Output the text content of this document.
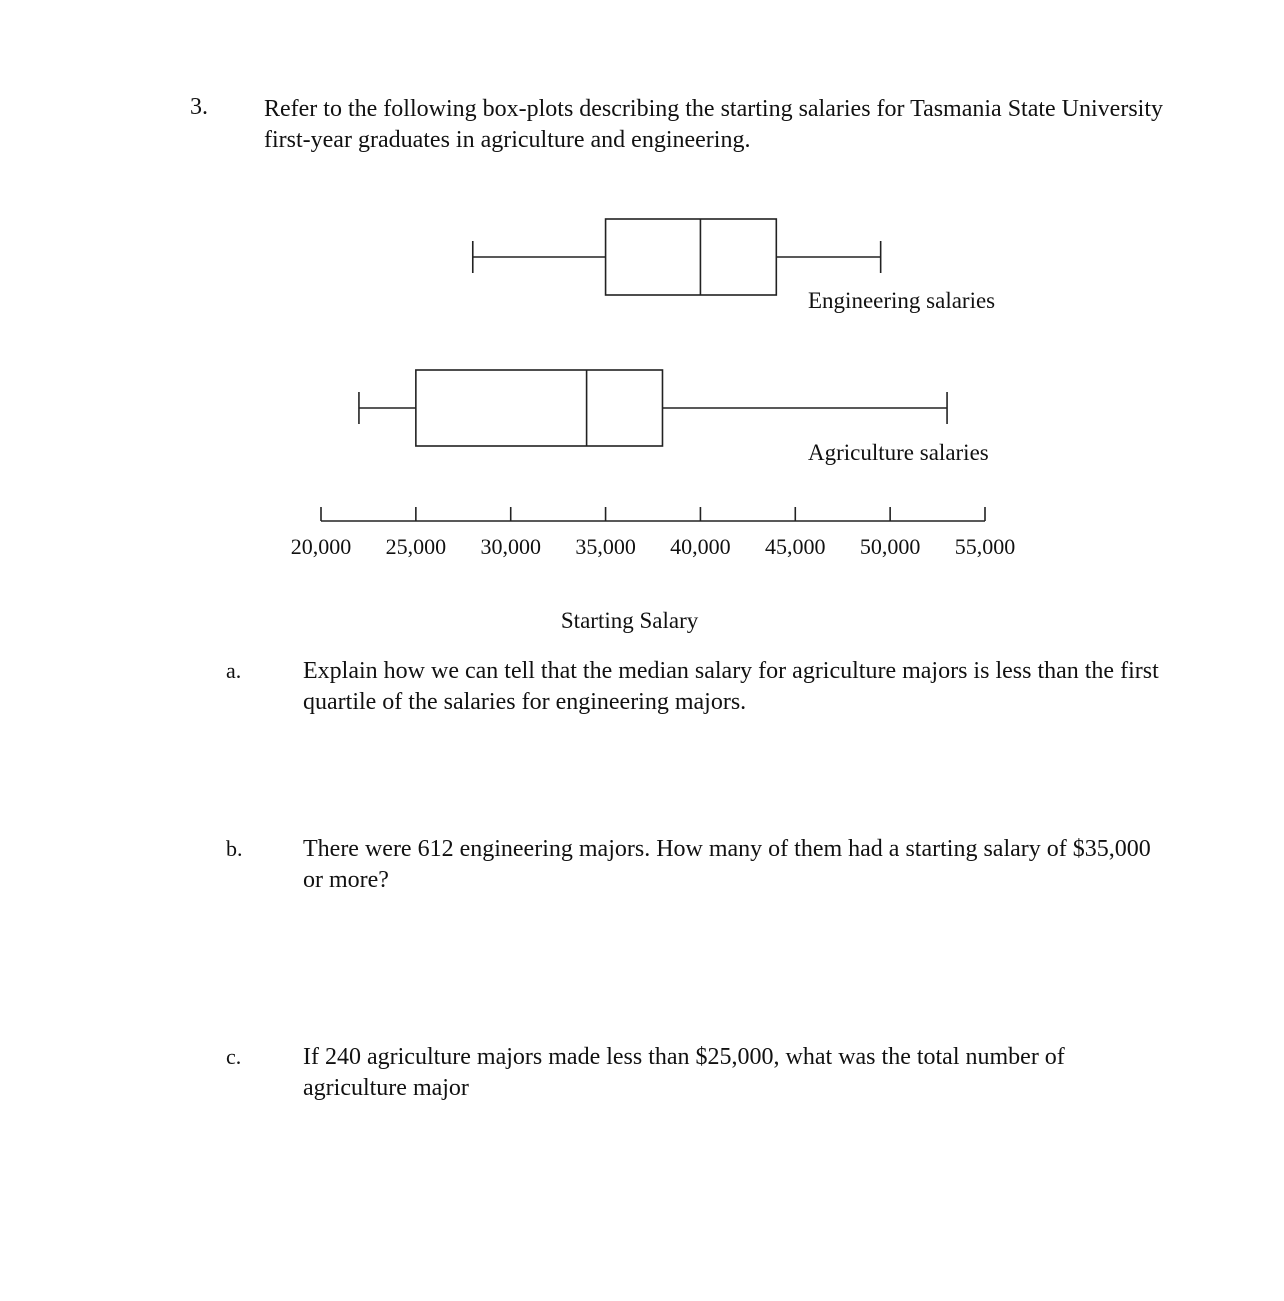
3. Refer to the following box-plots describing the starting salaries for Tasmania State University first-year graduates in agriculture and engineering.
Engineering salaries
Agriculture salaries
20,000 25,000 30,000 35,000 40,000 45,000 50,000 55,000
Starting Salary
a.	Explain how we can tell that the median salary for agriculture majors is less than the first quartile of the salaries for engineering majors.
b.	There were 612 engineering majors. How many of them had a starting salary of $35,000 or more?
c.	If 240 agriculture majors made less than $25,000, what was the total number of agriculture major
